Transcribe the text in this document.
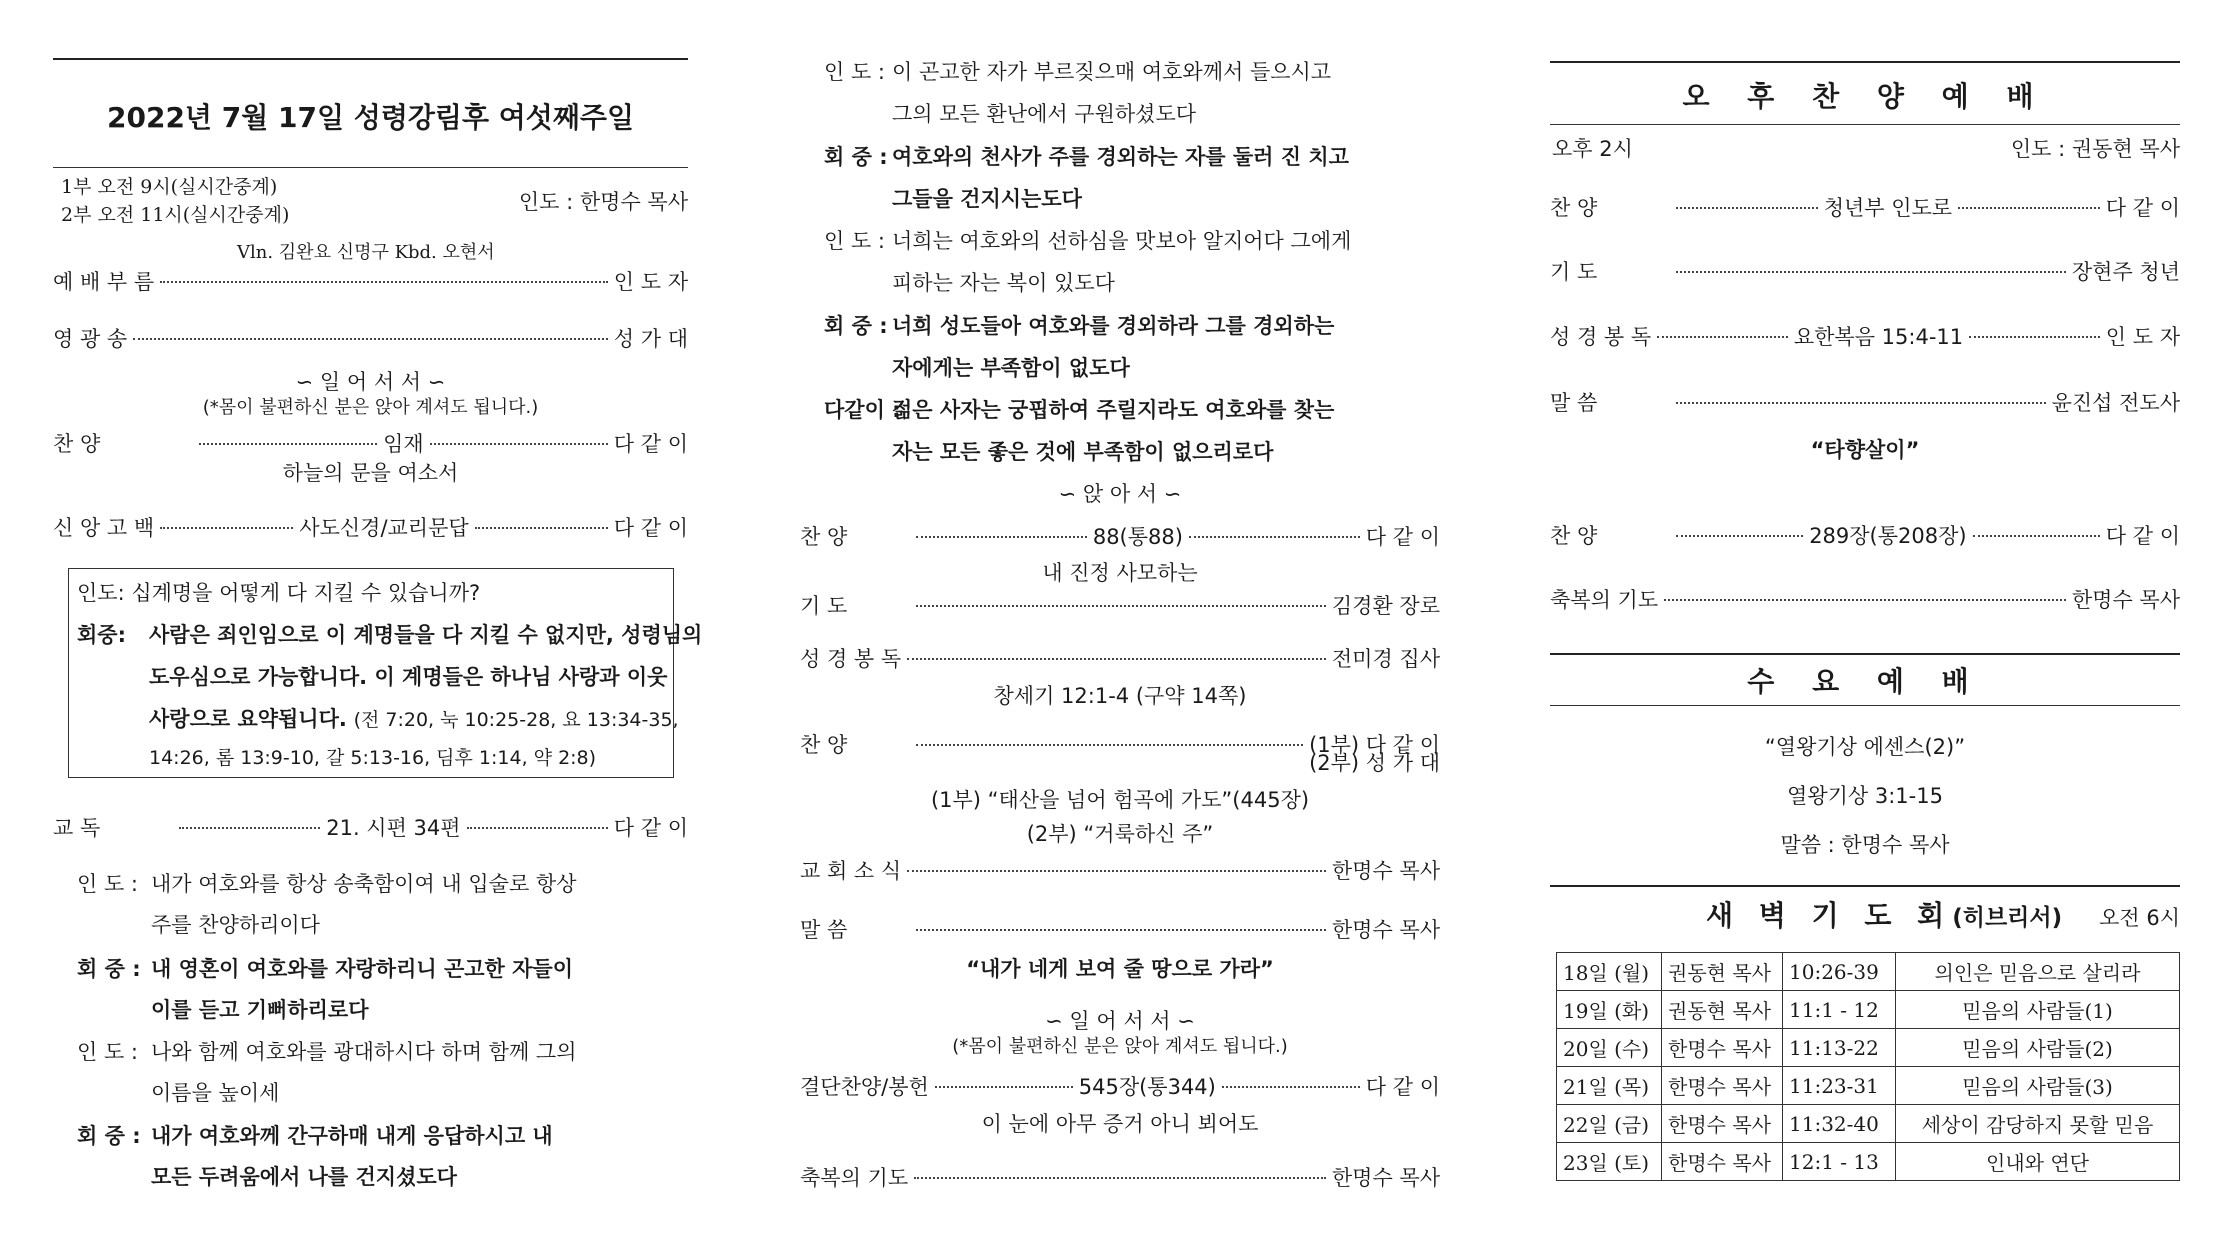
2022년 7월 17일 성령강림후 여섯째주일
1부 오전 9시(실시간중계)
2부 오전 11시(실시간중계)
인도 : 한명수 목사
Vln. 김완요 신명구 Kbd. 오현서
예 배 부 름	인 도 자
영 광 송	성 가 대
∽ 일 어 서 서 ∽
(*몸이 불편하신 분은 앉아 계셔도 됩니다.)
찬 양	임재	다 같 이
하늘의 문을 여소서
신 앙 고 백	사도신경/교리문답	다 같 이
인도: 십계명을 어떻게 다 지킬 수 있습니까?
회중: 사람은 죄인임으로 이 계명들을 다 지킬 수 없지만, 성령님의
도우심으로 가능합니다. 이 계명들은 하나님 사랑과 이웃
사랑으로 요약됩니다. (전 7:20, 눅 10:25-28, 요 13:34-35,
14:26, 롬 13:9-10, 갈 5:13-16, 딤후 1:14, 약 2:8)
교 독	21. 시편 34편	다 같 이
인 도 : 내가 여호와를 항상 송축함이여 내 입술로 항상
주를 찬양하리이다
회 중 : 내 영혼이 여호와를 자랑하리니 곤고한 자들이
이를 듣고 기뻐하리로다
인 도 : 나와 함께 여호와를 광대하시다 하며 함께 그의
이름을 높이세
회 중 : 내가 여호와께 간구하매 내게 응답하시고 내
모든 두려움에서 나를 건지셨도다
인 도 : 이 곤고한 자가 부르짖으매 여호와께서 들으시고
그의 모든 환난에서 구원하셨도다
회 중 : 여호와의 천사가 주를 경외하는 자를 둘러 진 치고
그들을 건지시는도다
인 도 : 너희는 여호와의 선하심을 맛보아 알지어다 그에게
피하는 자는 복이 있도다
회 중 : 너희 성도들아 여호와를 경외하라 그를 경외하는
자에게는 부족함이 없도다
다같이 :젊은 사자는 궁핍하여 주릴지라도 여호와를 찾는
자는 모든 좋은 것에 부족함이 없으리로다
∽ 앉 아 서 ∽
찬 양	88(통88)	다 같 이
내 진정 사모하는
기 도	김경환 장로
성 경 봉 독	전미경 집사
창세기 12:1-4 (구약 14쪽)
찬 양	(1부) 다 같 이
(2부) 성 가 대
(1부) “태산을 넘어 험곡에 가도”(445장)
(2부) “거룩하신 주”
교 회 소 식	한명수 목사
말 씀	한명수 목사
“내가 네게 보여 줄 땅으로 가라”
∽ 일 어 서 서 ∽
(*몸이 불편하신 분은 앉아 계셔도 됩니다.)
결단찬양/봉헌	545장(통344)	다 같 이
이 눈에 아무 증거 아니 뵈어도
축복의 기도	한명수 목사
오 후 찬 양 예 배
오후 2시	인도 : 권동현 목사
찬 양	청년부 인도로	다 같 이
기 도	장현주 청년
성 경 봉 독	요한복음 15:4-11	인 도 자
말 씀	윤진섭 전도사
“타향살이”
찬 양	289장(통208장)	다 같 이
축복의 기도	한명수 목사
수 요 예 배
“열왕기상 에센스(2)”
열왕기상 3:1-15
말씀 : 한명수 목사
새 벽 기 도 회(히브리서) 오전 6시
18일 (월)	권동현 목사	10:26-39	의인은 믿음으로 살리라
19일 (화)	권동현 목사	11:1 - 12	믿음의 사람들(1)
20일 (수)	한명수 목사	11:13-22	믿음의 사람들(2)
21일 (목)	한명수 목사	11:23-31	믿음의 사람들(3)
22일 (금)	한명수 목사	11:32-40	세상이 감당하지 못할 믿음
23일 (토)	한명수 목사	12:1 - 13	인내와 연단
